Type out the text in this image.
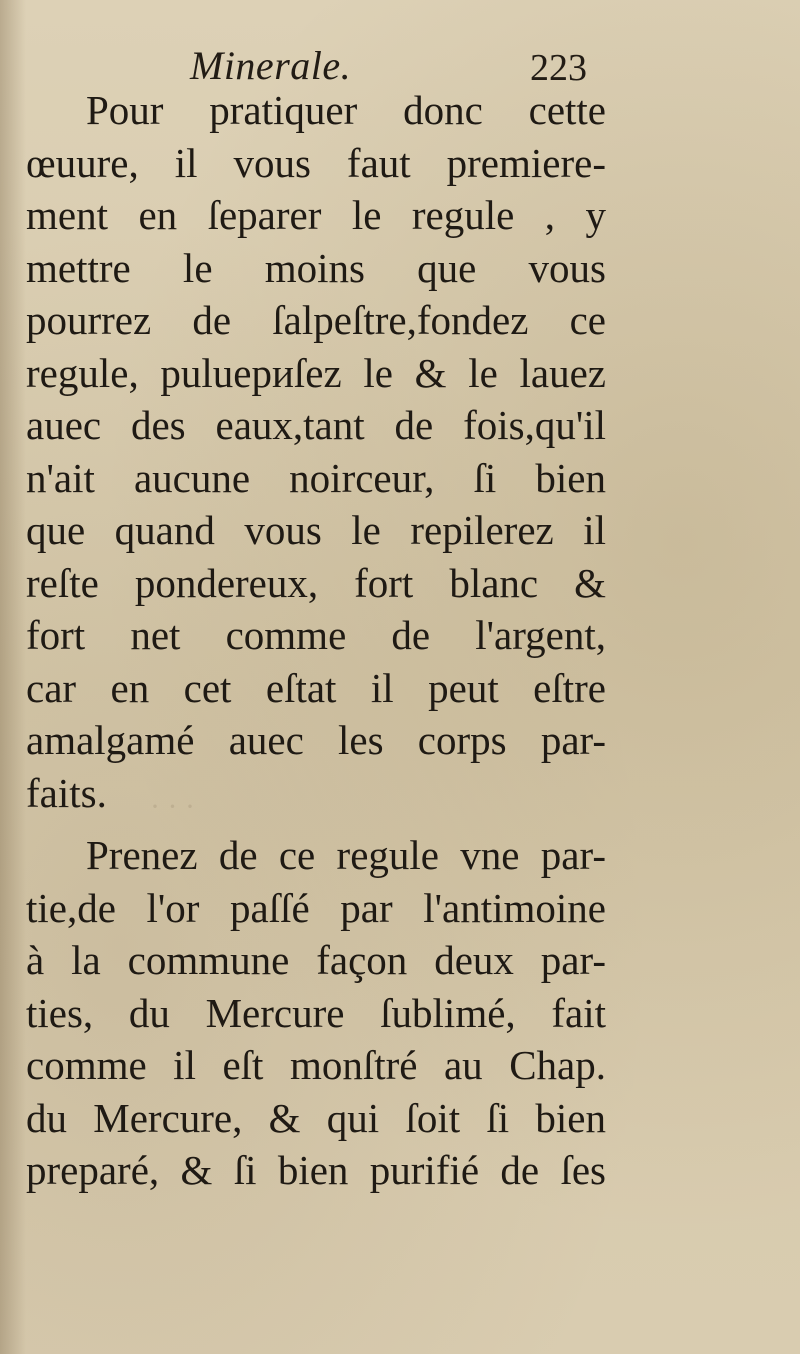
· · ·
Minerale.	223
Pour pratiquer donc cette
œuure, il vous faut premiere-
ment en ſeparer le regule , y
mettre le moins que vous
pourrez de ſalpeſtre,fondez ce
regule, puluериſez le & le lauez
auec des eaux,tant de fois,qu'il
n'ait aucune noirceur, ſi bien
que quand vous le repilerez il
reſte pondereux, fort blanc &
fort net comme de l'argent,
car en cet eſtat il peut eſtre
amalgamé auec les corps par-
faits.
Prenez de ce regule vne par-
tie,de l'or paſſé par l'antimoine
à la commune façon deux par-
ties, du Mercure ſublimé, fait
comme il eſt monſtré au Chap.
du Mercure, & qui ſoit ſi bien
preparé, & ſi bien purifié de ſes
